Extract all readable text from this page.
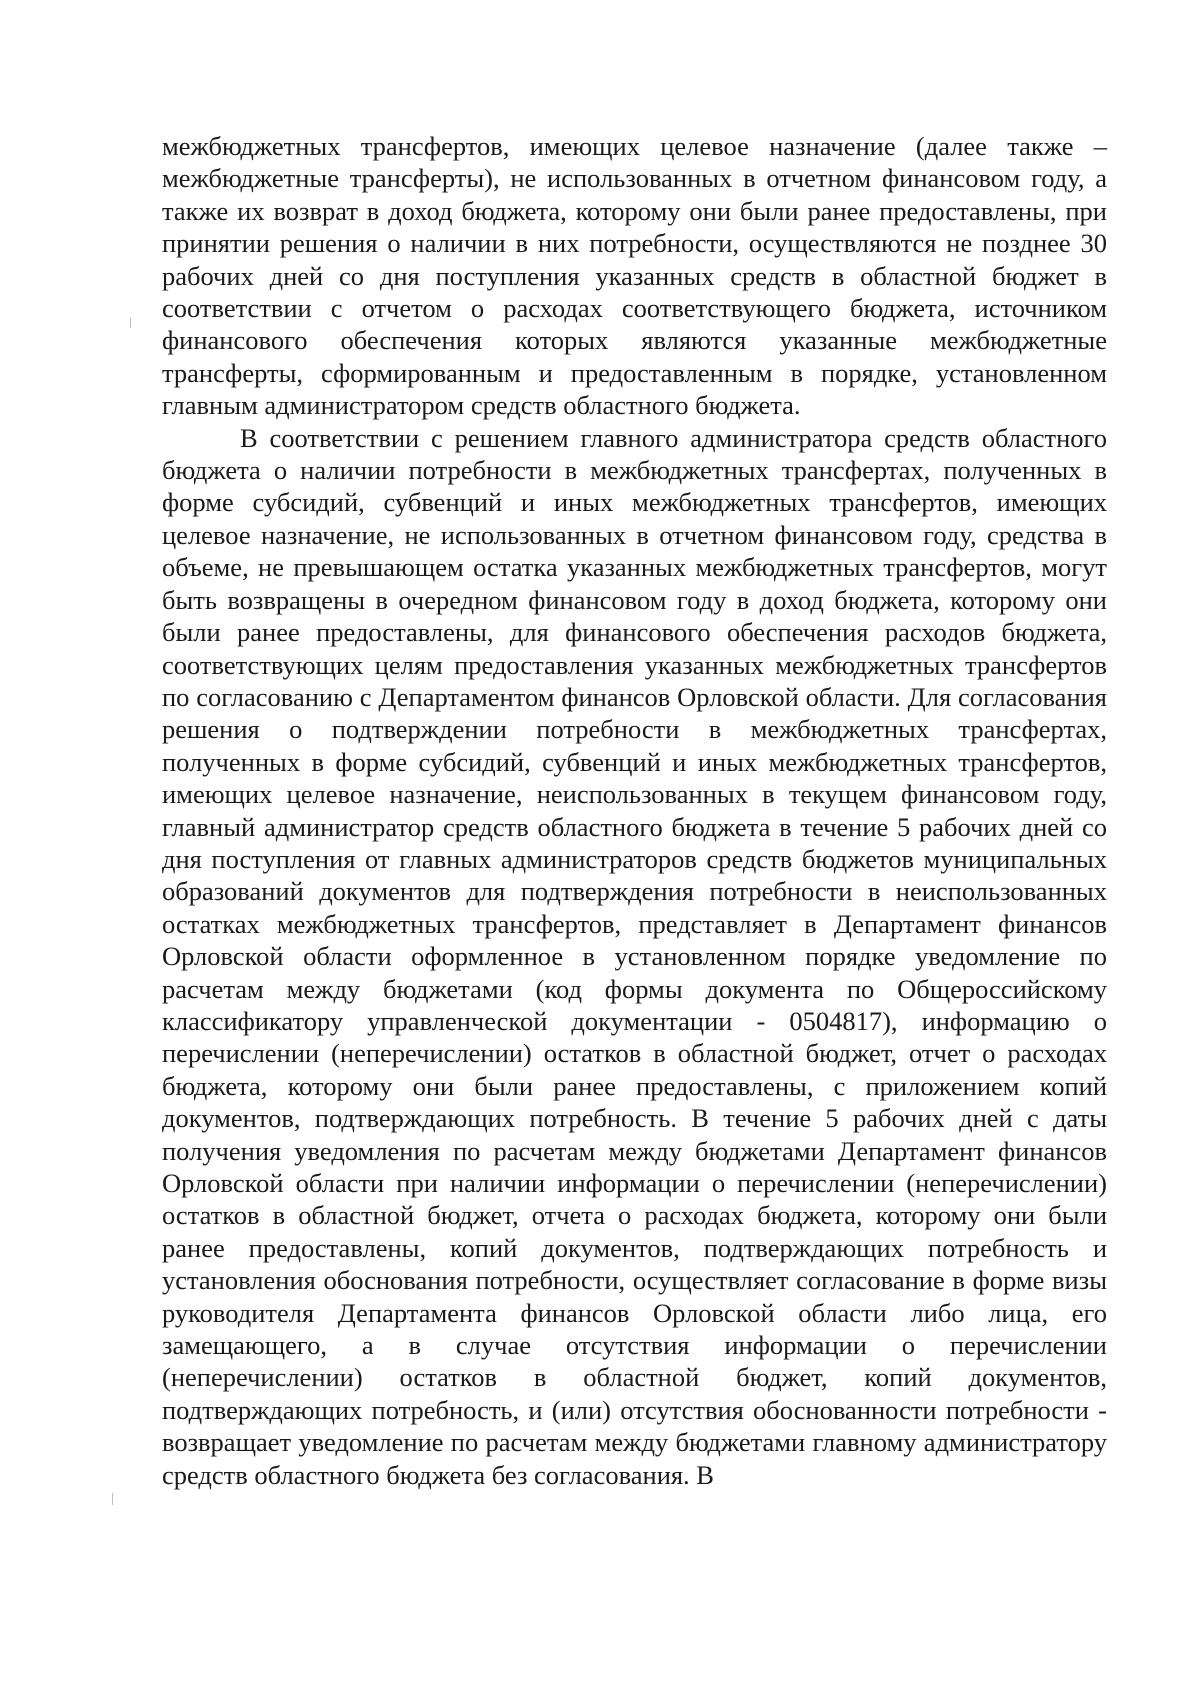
межбюджетных трансфертов, имеющих целевое назначение (далее также – межбюджетные трансферты), не использованных в отчетном финансовом году, а также их возврат в доход бюджета, которому они были ранее предоставлены, при принятии решения о наличии в них потребности, осуществляются не позднее 30 рабочих дней со дня поступления указанных средств в областной бюджет в соответствии с отчетом о расходах соответствующего бюджета, источником финансового обеспечения которых являются указанные межбюджетные трансферты, сформированным и предоставленным в порядке, установленном главным администратором средств областного бюджета.

В соответствии с решением главного администратора средств областного бюджета о наличии потребности в межбюджетных трансфертах, полученных в форме субсидий, субвенций и иных межбюджетных трансфертов, имеющих целевое назначение, не использованных в отчетном финансовом году, средства в объеме, не превышающем остатка указанных межбюджетных трансфертов, могут быть возвращены в очередном финансовом году в доход бюджета, которому они были ранее предоставлены, для финансового обеспечения расходов бюджета, соответствующих целям предоставления указанных межбюджетных трансфертов по согласованию с Департаментом финансов Орловской области. Для согласования решения о подтверждении потребности в межбюджетных трансфертах, полученных в форме субсидий, субвенций и иных межбюджетных трансфертов, имеющих целевое назначение, неиспользованных в текущем финансовом году, главный администратор средств областного бюджета в течение 5 рабочих дней со дня поступления от главных администраторов средств бюджетов муниципальных образований документов для подтверждения потребности в неиспользованных остатках межбюджетных трансфертов, представляет в Департамент финансов Орловской области оформленное в установленном порядке уведомление по расчетам между бюджетами (код формы документа по Общероссийскому классификатору управленческой документации - 0504817), информацию о перечислении (неперечислении) остатков в областной бюджет, отчет о расходах бюджета, которому они были ранее предоставлены, с приложением копий документов, подтверждающих потребность. В течение 5 рабочих дней с даты получения уведомления по расчетам между бюджетами Департамент финансов Орловской области при наличии информации о перечислении (неперечислении) остатков в областной бюджет, отчета о расходах бюджета, которому они были ранее предоставлены, копий документов, подтверждающих потребность и установления обоснования потребности, осуществляет согласование в форме визы руководителя Департамента финансов Орловской области либо лица, его замещающего, а в случае отсутствия информации о перечислении (неперечислении) остатков в областной бюджет, копий документов, подтверждающих потребность, и (или) отсутствия обоснованности потребности - возвращает уведомление по расчетам между бюджетами главному администратору средств областного бюджета без согласования. В
